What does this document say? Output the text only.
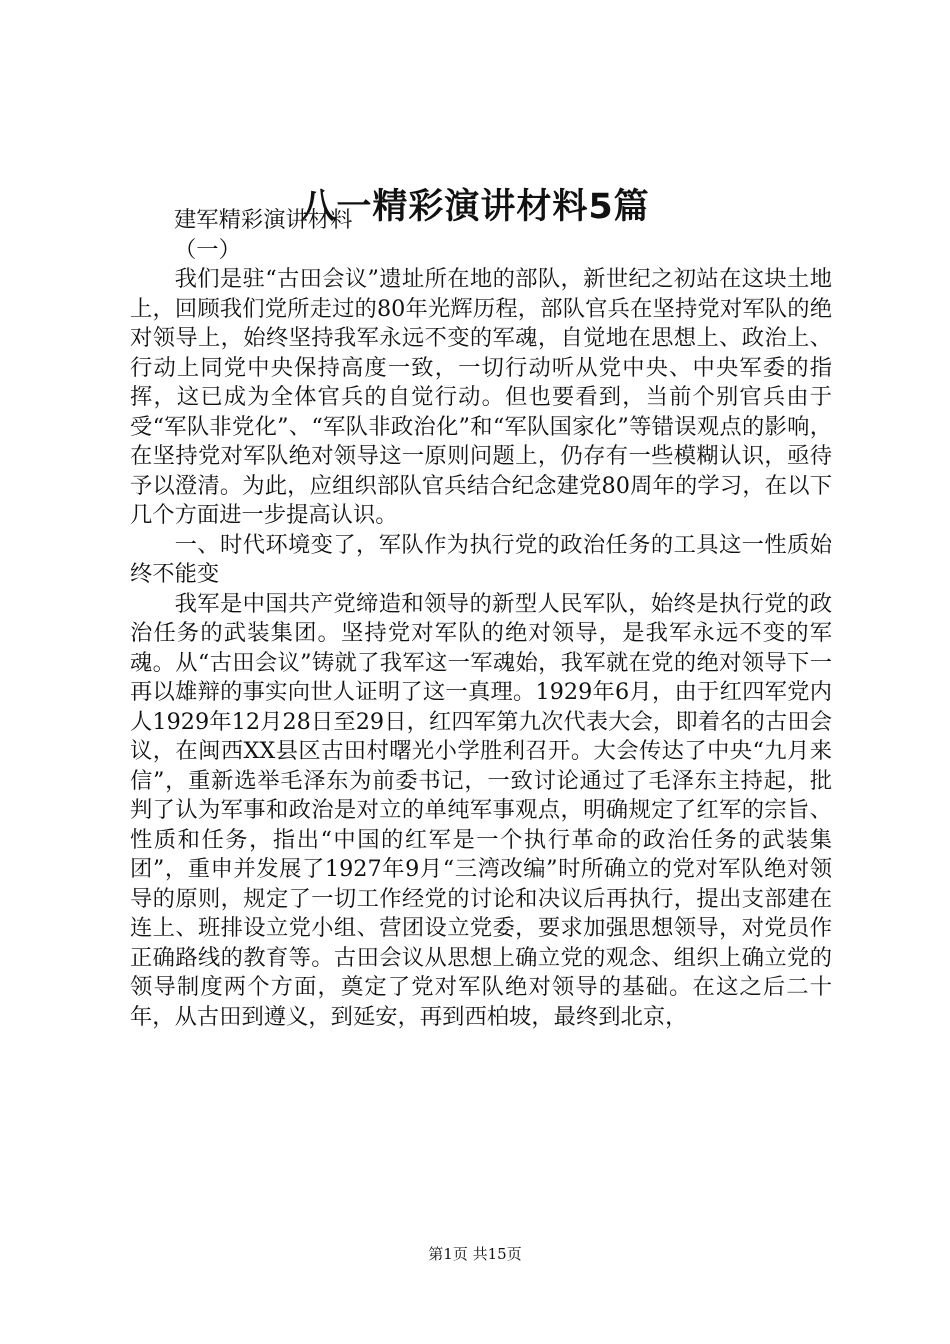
八一精彩演讲材料5篇

建军精彩演讲材料

（一）

我们是驻“古田会议”遗址所在地的部队，新世纪之初站在这块土地上，回顾我们党所走过的80年光辉历程，部队官兵在坚持党对军队的绝对领导上，始终坚持我军永远不变的军魂，自觉地在思想上、政治上、行动上同党中央保持高度一致，一切行动听从党中央、中央军委的指挥，这已成为全体官兵的自觉行动。但也要看到，当前个别官兵由于受“军队非党化”、“军队非政治化”和“军队国家化”等错误观点的影响，在坚持党对军队绝对领导这一原则问题上，仍存有一些模糊认识，亟待予以澄清。为此，应组织部队官兵结合纪念建党80周年的学习，在以下几个方面进一步提高认识。

一、时代环境变了，军队作为执行党的政治任务的工具这一性质始终不能变

我军是中国共产党缔造和领导的新型人民军队，始终是执行党的政治任务的武装集团。坚持党对军队的绝对领导，是我军永远不变的军魂。从“古田会议”铸就了我军这一军魂始，我军就在党的绝对领导下一再以雄辩的事实向世人证明了这一真理。1929年6月，由于红四军党内人1929年12月28日至29日，红四军第九次代表大会，即着名的古田会议，在闽西XX县区古田村曙光小学胜利召开。大会传达了中央“九月来信”，重新选举毛泽东为前委书记，一致讨论通过了毛泽东主持起，批判了认为军事和政治是对立的单纯军事观点，明确规定了红军的宗旨、性质和任务，指出“中国的红军是一个执行革命的政治任务的武装集团”，重申并发展了1927年9月“三湾改编”时所确立的党对军队绝对领导的原则，规定了一切工作经党的讨论和决议后再执行，提出支部建在连上、班排设立党小组、营团设立党委，要求加强思想领导，对党员作正确路线的教育等。古田会议从思想上确立党的观念、组织上确立党的领导制度两个方面，奠定了党对军队绝对领导的基础。在这之后二十年，从古田到遵义，到延安，再到西柏坡，最终到北京，

第1页 共15页
